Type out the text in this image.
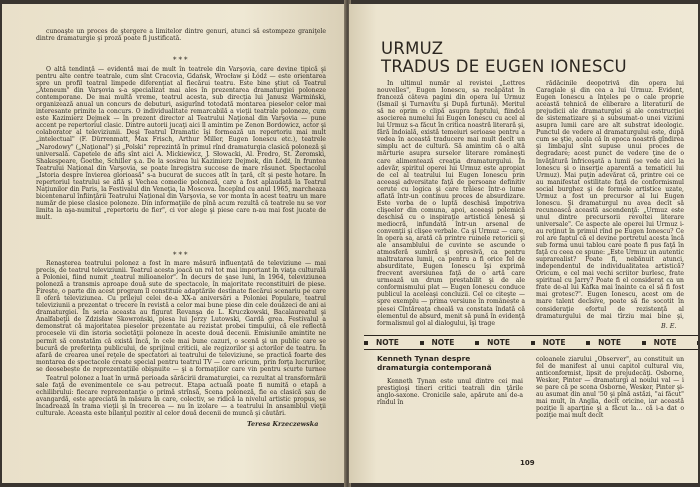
cunoaşte un proces de ştergere a limitelor dintre genuri, atunci să estompeze graniţele dintre dramaturgie şi proză poate fi justificată.

***

O altă tendinţă — evidentă mai de mult în teatrele din Varşovia, care devine tipică şi pentru alte centre teatrale, cum sînt Cracovia, Gdańsk, Wrocław şi Łódź — este orientarea spre un profil teatral limpede diferenţiat al fiecărui teatru. Este bine ştiut că Teatrul „Ateneum" din Varşovia s-a specializat mai ales în prezentarea dramaturgiei poloneze contemporane. De mai multă vreme, teatrul acesta, sub direcţia lui Janusz Warmiński, organizează anual un concurs de debuturi, asigurînd totodată montarea pieselor celor mai interesante primite la concurs. O individualitate remarcabilă a vieţii teatrale poloneze, cum este Kazimierz Dejmek — în prezent director al Teatrului Naţional din Varşovia — pune accent pe repertoriul clasic. Dintre autorii jucaţi aici îl amintim pe Zenon Bordowicz, actor şi colaborator al televiziunii. Deşi Teatrul Dramatic îşi formează un repertoriu mai mult „intelectual" (F. Dürrenmatt, Max Frisch, Arthur Miller, Eugen Ionescu etc.), teatrele „Narodowy" („Naţional") şi „Polski" reprezintă în primul rînd dramaturgia clasică poloneză şi universală. Capetele de afiş sînt aici A. Mickiewicz, J. Słowacki, Al. Fredro, St. Żeromski, Shakespeare, Goethe, Schiller ş.a. De la sosirea lui Kazimierz Dejmek, din Łódź, în fruntea Teatrului Naţional din Varşovia, se poate înregistra succese de mare răsunet. Spectacolul „Istoria despre învierea glorioasă" s-a bucurat de succes atît în ţară, cît şi peste hotare. În repertoriul teatrului se află şi Vechea comedie poloneză, care a fost aplaudată la Teatrul Naţiunilor din Paris, la Festivalul din Veneţia, la Moscova. Începînd cu anul 1965, marcheaza bicentenarul înfiinţării Teatrului Naţional din Varşovia, se vor monta în acest teatru un mare număr de piese clasice poloneze. Din informaţiile de pînă acum rezultă că teatrele nu se vor limita la aşa-numitul „repertoriu de fier", ci vor alege şi piese care n-au mai fost jucate de mult.

***

Renaşterea teatrului polonez a fost în mare măsură influenţată de televiziune — mai precis, de teatrul televiziunii. Teatrul acesta joacă un rol tot mai important în viaţa culturală a Poloniei, fiind numit „teatrul milioanelor". În decurs de şase luni, în 1964, televiziunea poloneză a transmis aproape două sute de spectacole, în majoritate reconstituiri de piese. Firește, o parte din acest program îl constituie adaptările destinate fiecărui scenariu pe care îl oferă televiziunea. Cu prilejul celei de-a XX-a aniversări a Poloniei Populare, teatrul televiziunii a prezentat o trecere în revistă a celor mai bune piese din cele douăzeci de ani ai dramaturgiei. În seria aceasta au figurat Revanşa de L. Kruczkowski, Bacalaureatul şi Analfabeţii de Zdzisław Skowroński, piesa lui Jerzy Lutowski, Gardă grea. Festivalul a demonstrat că majoritatea pieselor prezentate au rezistat probei timpului, că ele reflectă procesele vii din istoria societăţii poloneze în aceste două decenii. Emisiunile amintite ne permit să constatăm că există încă, în cele mai bune cazuri, o scenă şi un public care se bucură de preferinţa publicului, de sprijinul criticii, ale regizorilor şi actorilor de teatru. În afară de crearea unei reţele de spectatori ai teatrului de televiziune, se practică foarte des montarea de spectacole create special pentru teatrul TV — care oricum, prin forţa lucrurilor, se deosebește de reprezentațiile obişnuite — şi a formaţiilor care vin pentru scurte turnee

Teatrul polonez a luat în urmă perioada sărăcirii dramaturgiei, ca rezultat al transformării sale faţă de evenimentele ce s-au petrecut. Etapa actuală poate fi numită o etapă a echilibrului: fiecare reprezentanţie o primă strînsă, Scena poloneză, fie ea clasică sau de avangardă, este apreciată în măsura în care, colectiv, se ridică la nivelul artistic propus, se încadrează în trama vieţii şi în trecerea — nu în izolare — a teatrului în ansamblul vieţii culturale. Aceasta este bilanţul pozitiv al celor două decenii de muncă şi căutări.

Teresa Krzeczewska
URMUZ
TRADUS DE EUGEN IONESCU

În ultimul număr al revistei „Lettres nouvelles", Eugen Ionescu, sa recăpătat în franceză câteva pagini din opera lui Urmuz (Ismail şi Turnavitu şi După furtună). Meritul să ne oprim o clipă asupra faptului, fiindcă asocierea numelui lui Eugen Ionescu cu acel al lui Urmuz s-a făcut în critica noastră literară şi, fără îndoială, există temeiuri serioase pentru a vedea în această traducere mai mult decît un simplu act de cultură. Să amintim că o altă mărturie asupra surselor literare româneşti care alimentează creaţia dramaturgului. În adevăr, spiritul operei lui Urmuz este apropiat de cel al teatrului lui Eugen Ionescu prin aceeaşi adversitate faţă de persoane definitiv cerute cu logica şi care trăiesc într-o lume aflată într-un continuu proces de absurdizare. Este vorba de o luptă deschisă împotriva clişeelor din comuna, apoi, aceeaşi polemică deschisă cu o inspiraţie artistică lenesă şi mediocră, infundată într-un arsenal de convenţii şi clişee verbale. Ca şi Urmuz — care, în opera sa, arată că printre ruinele retoricii şi ale ansamblului de cuvinte se ascunde o atmosferă sumbră şi opresivă, ca pentru maltratarea lumii, ca pentru a fi orice fel de absurditate, Eugen Ionescu îşi exprimă frecvent aversiunea faţă de o artă care urmează un drum prestabilit şi de ale conformismului plat — Eugen Ionescu conduce publicul la aceleaşi concluzii. Cel ce citeşte — spre exemplu — prima versiune în românește a piesei Cîntăreaţa cheală va constata îndată că elementul de absurd, menit să pună în evidenţă formalismul gol al dialogului, îşi trage

rădăcinile deopotrivă din opera lui Caragiale şi din cea a lui Urmuz. Evident, Eugen Ionescu a înţeles pe o cale proprie această tehnică de eliberare a literaturii de prejudicii ale dramaturgiei şi ale construcţiei de sistematizare şi a subsumat-o unei viziuni asupra lumii care are alt substrat ideologic. Punctul de vedere al dramaturgului este, după cum se ştie, acela că în epoca noastră gîndirea şi limbajul sînt supuse unui proces de degradare; acest punct de vedere ţine de o învăţătură înfricoşată a lumii (se vede aici la Ionescu şi o inserţie aparentă a tematicii lui Urmuz). Mai puţin adevărat că, printre cei ce au manifestat ostilitate faţă de conformismul social burghez şi de formele artistice uzate, Urmuz a fost un precursor al lui Eugen Ionescu. Şi dramaturgul nu avea decît să recunoască această ascendenţă: „Urmuz este unul dintre precursorii revoltei literare universale". Ce aspecte ale operei lui Urmuz i-au reţinut în primul rînd pe Eugen Ionescu? Ce rol are faptul că el devine portretul acesta încă sub forma unui tablou care poate fi pus faţă în faţă cu ceea ce spune: „Este Urmuz un autentic suprarealist? Poate fi, nebănuit atunci, independentul de individualitatea artistică? Oricum, e cel mai vechi scriitor burlesc, frate spiritual cu Jarry? Poate fi el considerat ca un frate de-al lui Kafka mai înainte ca el să fi fost mai grotesc?". Eugen Ionescu, acest om de mare talent decîsive, poate să fie socotit în consideraţie efortul de rezistenţă al dramaturgului de mai tîrziu mai bine şi,

B. E.
NOTE	NOTE	NOTE	NOTE	NOTE	NOTE
Kenneth Tynan despre dramaturgia contemporană

Kenneth Tynan este unul dintre cei mai prestigioşi tineri critici teatrali din ţările anglo-saxone. Cronicile sale, apărute ani de-a rîndul în

coloanele ziarului „Observer", au constituit un fel de manifest al unui capitol cultural viu, anticonformist, lipsit de prejudecăţi. Osborne, Wesker, Pinter — dramaturgi al noului val — i se pare că pe scena Osborne, Wesker, Pinter şi-au asumat din anul '50 şi pînă astăzi, "ai făcut" mai mult, în Anglia, decît oricine, iar această poziţie îi aparţine şi a făcut la... că i-a dat o poziţie mai mult decît

109
